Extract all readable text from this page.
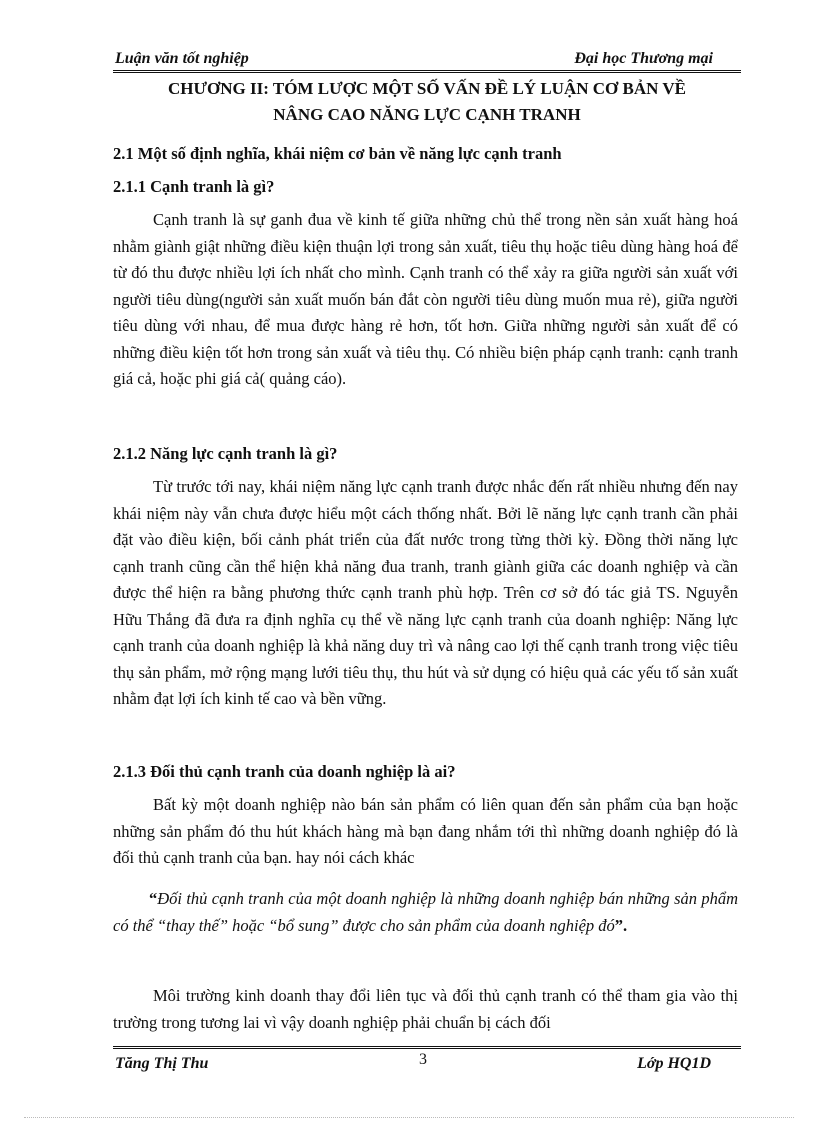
Luận văn tốt nghiệp	Đại học Thương mại
CHƯƠNG II: TÓM LƯỢC MỘT SỐ VẤN ĐỀ LÝ LUẬN CƠ BẢN VỀ
NÂNG CAO NĂNG LỰC CẠNH TRANH
2.1 Một số định nghĩa, khái niệm cơ bản về năng lực cạnh tranh
2.1.1 Cạnh tranh là gì?
Cạnh tranh là sự ganh đua về kinh tế giữa những chủ thể trong nền sản xuất hàng hoá nhằm giành giật những điều kiện thuận lợi trong sản xuất, tiêu thụ hoặc tiêu dùng hàng hoá để từ đó thu được nhiều lợi ích nhất cho mình. Cạnh tranh có thể xảy ra giữa người sản xuất với người tiêu dùng(người sản xuất muốn bán đắt còn người tiêu dùng muốn mua rẻ), giữa người tiêu dùng với nhau, để mua được hàng rẻ hơn, tốt hơn. Giữa những người sản xuất để có những điều kiện tốt hơn trong sản xuất và tiêu thụ. Có nhiều biện pháp cạnh tranh: cạnh tranh giá cả, hoặc phi giá cả( quảng cáo).
2.1.2 Năng lực cạnh tranh là gì?
Từ trước tới nay, khái niệm năng lực cạnh tranh được nhắc đến rất nhiều nhưng đến nay khái niệm này vẫn chưa được hiểu một cách thống nhất. Bởi lẽ năng lực cạnh tranh cần phải đặt vào điều kiện, bối cảnh phát triển của đất nước trong từng thời kỳ. Đồng thời năng lực cạnh tranh cũng cần thể hiện khả năng đua tranh, tranh giành giữa các doanh nghiệp và cần được thể hiện ra bằng phương thức cạnh tranh phù hợp. Trên cơ sở đó tác giả TS. Nguyễn Hữu Thắng đã đưa ra định nghĩa cụ thể về năng lực cạnh tranh của doanh nghiệp: Năng lực cạnh tranh của doanh nghiệp là khả năng duy trì và nâng cao lợi thế cạnh tranh trong việc tiêu thụ sản phẩm, mở rộng mạng lưới tiêu thụ, thu hút và sử dụng có hiệu quả các yếu tố sản xuất nhằm đạt lợi ích kinh tế cao và bền vững.
2.1.3 Đối thủ cạnh tranh của doanh nghiệp là ai?
Bất kỳ một doanh nghiệp nào bán sản phẩm có liên quan đến sản phẩm của bạn hoặc những sản phẩm đó thu hút khách hàng mà bạn đang nhắm tới thì những doanh nghiệp đó là đối thủ cạnh tranh của bạn. hay nói cách khác
“Đối thủ cạnh tranh của một doanh nghiệp là những doanh nghiệp bán những sản phẩm có thể “thay thế” hoặc “bổ sung” được cho sản phẩm của doanh nghiệp đó”.
Môi trường kinh doanh thay đổi liên tục và đối thủ cạnh tranh có thể tham gia vào thị trường trong tương lai vì vậy doanh nghiệp phải chuẩn bị cách đối
Tăng Thị Thu	3	Lớp HQ1D
